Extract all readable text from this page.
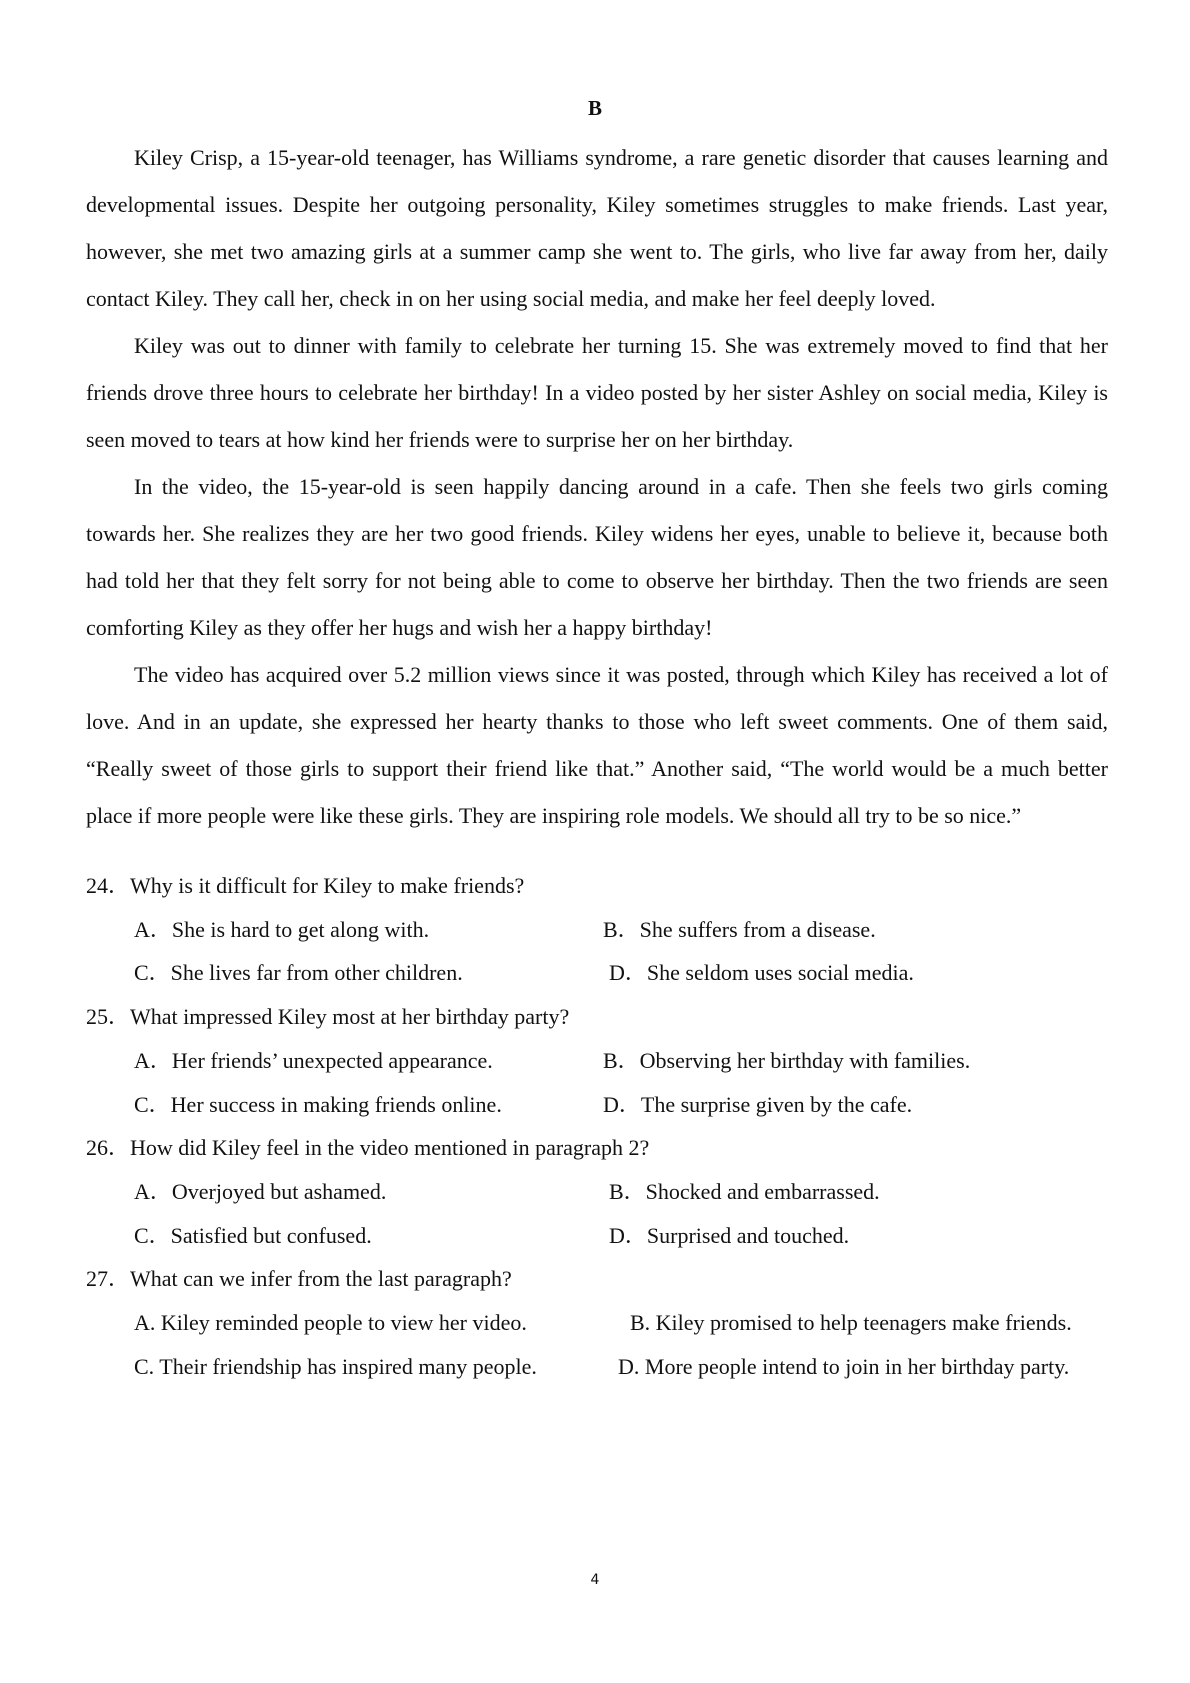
B

Kiley Crisp, a 15-year-old teenager, has Williams syndrome, a rare genetic disorder that causes learning and developmental issues. Despite her outgoing personality, Kiley sometimes struggles to make friends. Last year, however, she met two amazing girls at a summer camp she went to. The girls, who live far away from her, daily contact Kiley. They call her, check in on her using social media, and make her feel deeply loved.

Kiley was out to dinner with family to celebrate her turning 15. She was extremely moved to find that her friends drove three hours to celebrate her birthday! In a video posted by her sister Ashley on social media, Kiley is seen moved to tears at how kind her friends were to surprise her on her birthday.

In the video, the 15-year-old is seen happily dancing around in a cafe. Then she feels two girls coming towards her. She realizes they are her two good friends. Kiley widens her eyes, unable to believe it, because both had told her that they felt sorry for not being able to come to observe her birthday. Then the two friends are seen comforting Kiley as they offer her hugs and wish her a happy birthday!

The video has acquired over 5.2 million views since it was posted, through which Kiley has received a lot of love. And in an update, she expressed her hearty thanks to those who left sweet comments. One of them said, “Really sweet of those girls to support their friend like that.” Another said, “The world would be a much better place if more people were like these girls. They are inspiring role models. We should all try to be so nice.”

24．Why is it difficult for Kiley to make friends?
A．She is hard to get along with.	B．She suffers from a disease.
C．She lives far from other children.	D．She seldom uses social media.
25．What impressed Kiley most at her birthday party?
A．Her friends’ unexpected appearance.	B．Observing her birthday with families.
C．Her success in making friends online.	D．The surprise given by the cafe.
26．How did Kiley feel in the video mentioned in paragraph 2?
A．Overjoyed but ashamed.	B．Shocked and embarrassed.
C．Satisfied but confused.	D．Surprised and touched.
27．What can we infer from the last paragraph?
A. Kiley reminded people to view her video.	B. Kiley promised to help teenagers make friends.
C. Their friendship has inspired many people.	D. More people intend to join in her birthday party.
4
